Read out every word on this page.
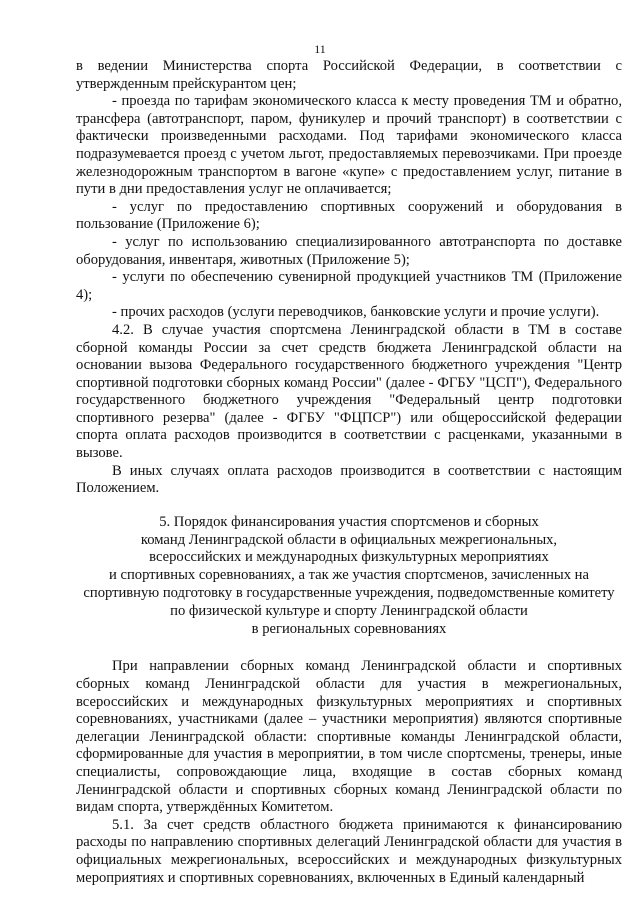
11

в ведении Министерства спорта Российской Федерации, в соответствии с утвержденным прейскурантом цен;

- проезда по тарифам экономического класса к месту проведения ТМ и обратно, трансфера (автотранспорт, паром, фуникулер и прочий транспорт) в соответствии с фактически произведенными расходами. Под тарифами экономического класса подразумевается проезд с учетом льгот, предоставляемых перевозчиками. При проезде железнодорожным транспортом в вагоне «купе» с предоставлением услуг, питание в пути в дни предоставления услуг не оплачивается;

- услуг по предоставлению спортивных сооружений и оборудования в пользование (Приложение 6);

- услуг по использованию специализированного автотранспорта по доставке оборудования, инвентаря, животных (Приложение 5);

- услуги по обеспечению сувенирной продукцией участников ТМ (Приложение 4);

- прочих расходов (услуги переводчиков, банковские услуги и прочие услуги).

4.2. В случае участия спортсмена Ленинградской области в ТМ в составе сборной команды России за счет средств бюджета Ленинградской области на основании вызова Федерального государственного бюджетного учреждения "Центр спортивной подготовки сборных команд России" (далее - ФГБУ "ЦСП"), Федерального государственного бюджетного учреждения "Федеральный центр подготовки спортивного резерва" (далее - ФГБУ "ФЦПСР") или общероссийской федерации спорта оплата расходов производится в соответствии с расценками, указанными в вызове.

В иных случаях оплата расходов производится в соответствии с настоящим Положением.

5. Порядок финансирования участия спортсменов и сборных
команд Ленинградской области в официальных межрегиональных,
всероссийских и международных физкультурных мероприятиях
и спортивных соревнованиях, а так же участия спортсменов, зачисленных на
спортивную подготовку в государственные учреждения, подведомственные комитету
по физической культуре и спорту Ленинградской области
в региональных соревнованиях

При направлении сборных команд Ленинградской области и спортивных сборных команд Ленинградской области для участия в межрегиональных, всероссийских и международных физкультурных мероприятиях и спортивных соревнованиях, участниками (далее – участники мероприятия) являются спортивные делегации Ленинградской области: спортивные команды Ленинградской области, сформированные для участия в мероприятии, в том числе спортсмены, тренеры, иные специалисты, сопровождающие лица, входящие в состав сборных команд Ленинградской области и спортивных сборных команд Ленинградской области по видам спорта, утверждённых Комитетом.

5.1. За счет средств областного бюджета принимаются к финансированию расходы по направлению спортивных делегаций Ленинградской области для участия в официальных межрегиональных, всероссийских и международных физкультурных мероприятиях и спортивных соревнованиях, включенных в Единый календарный
